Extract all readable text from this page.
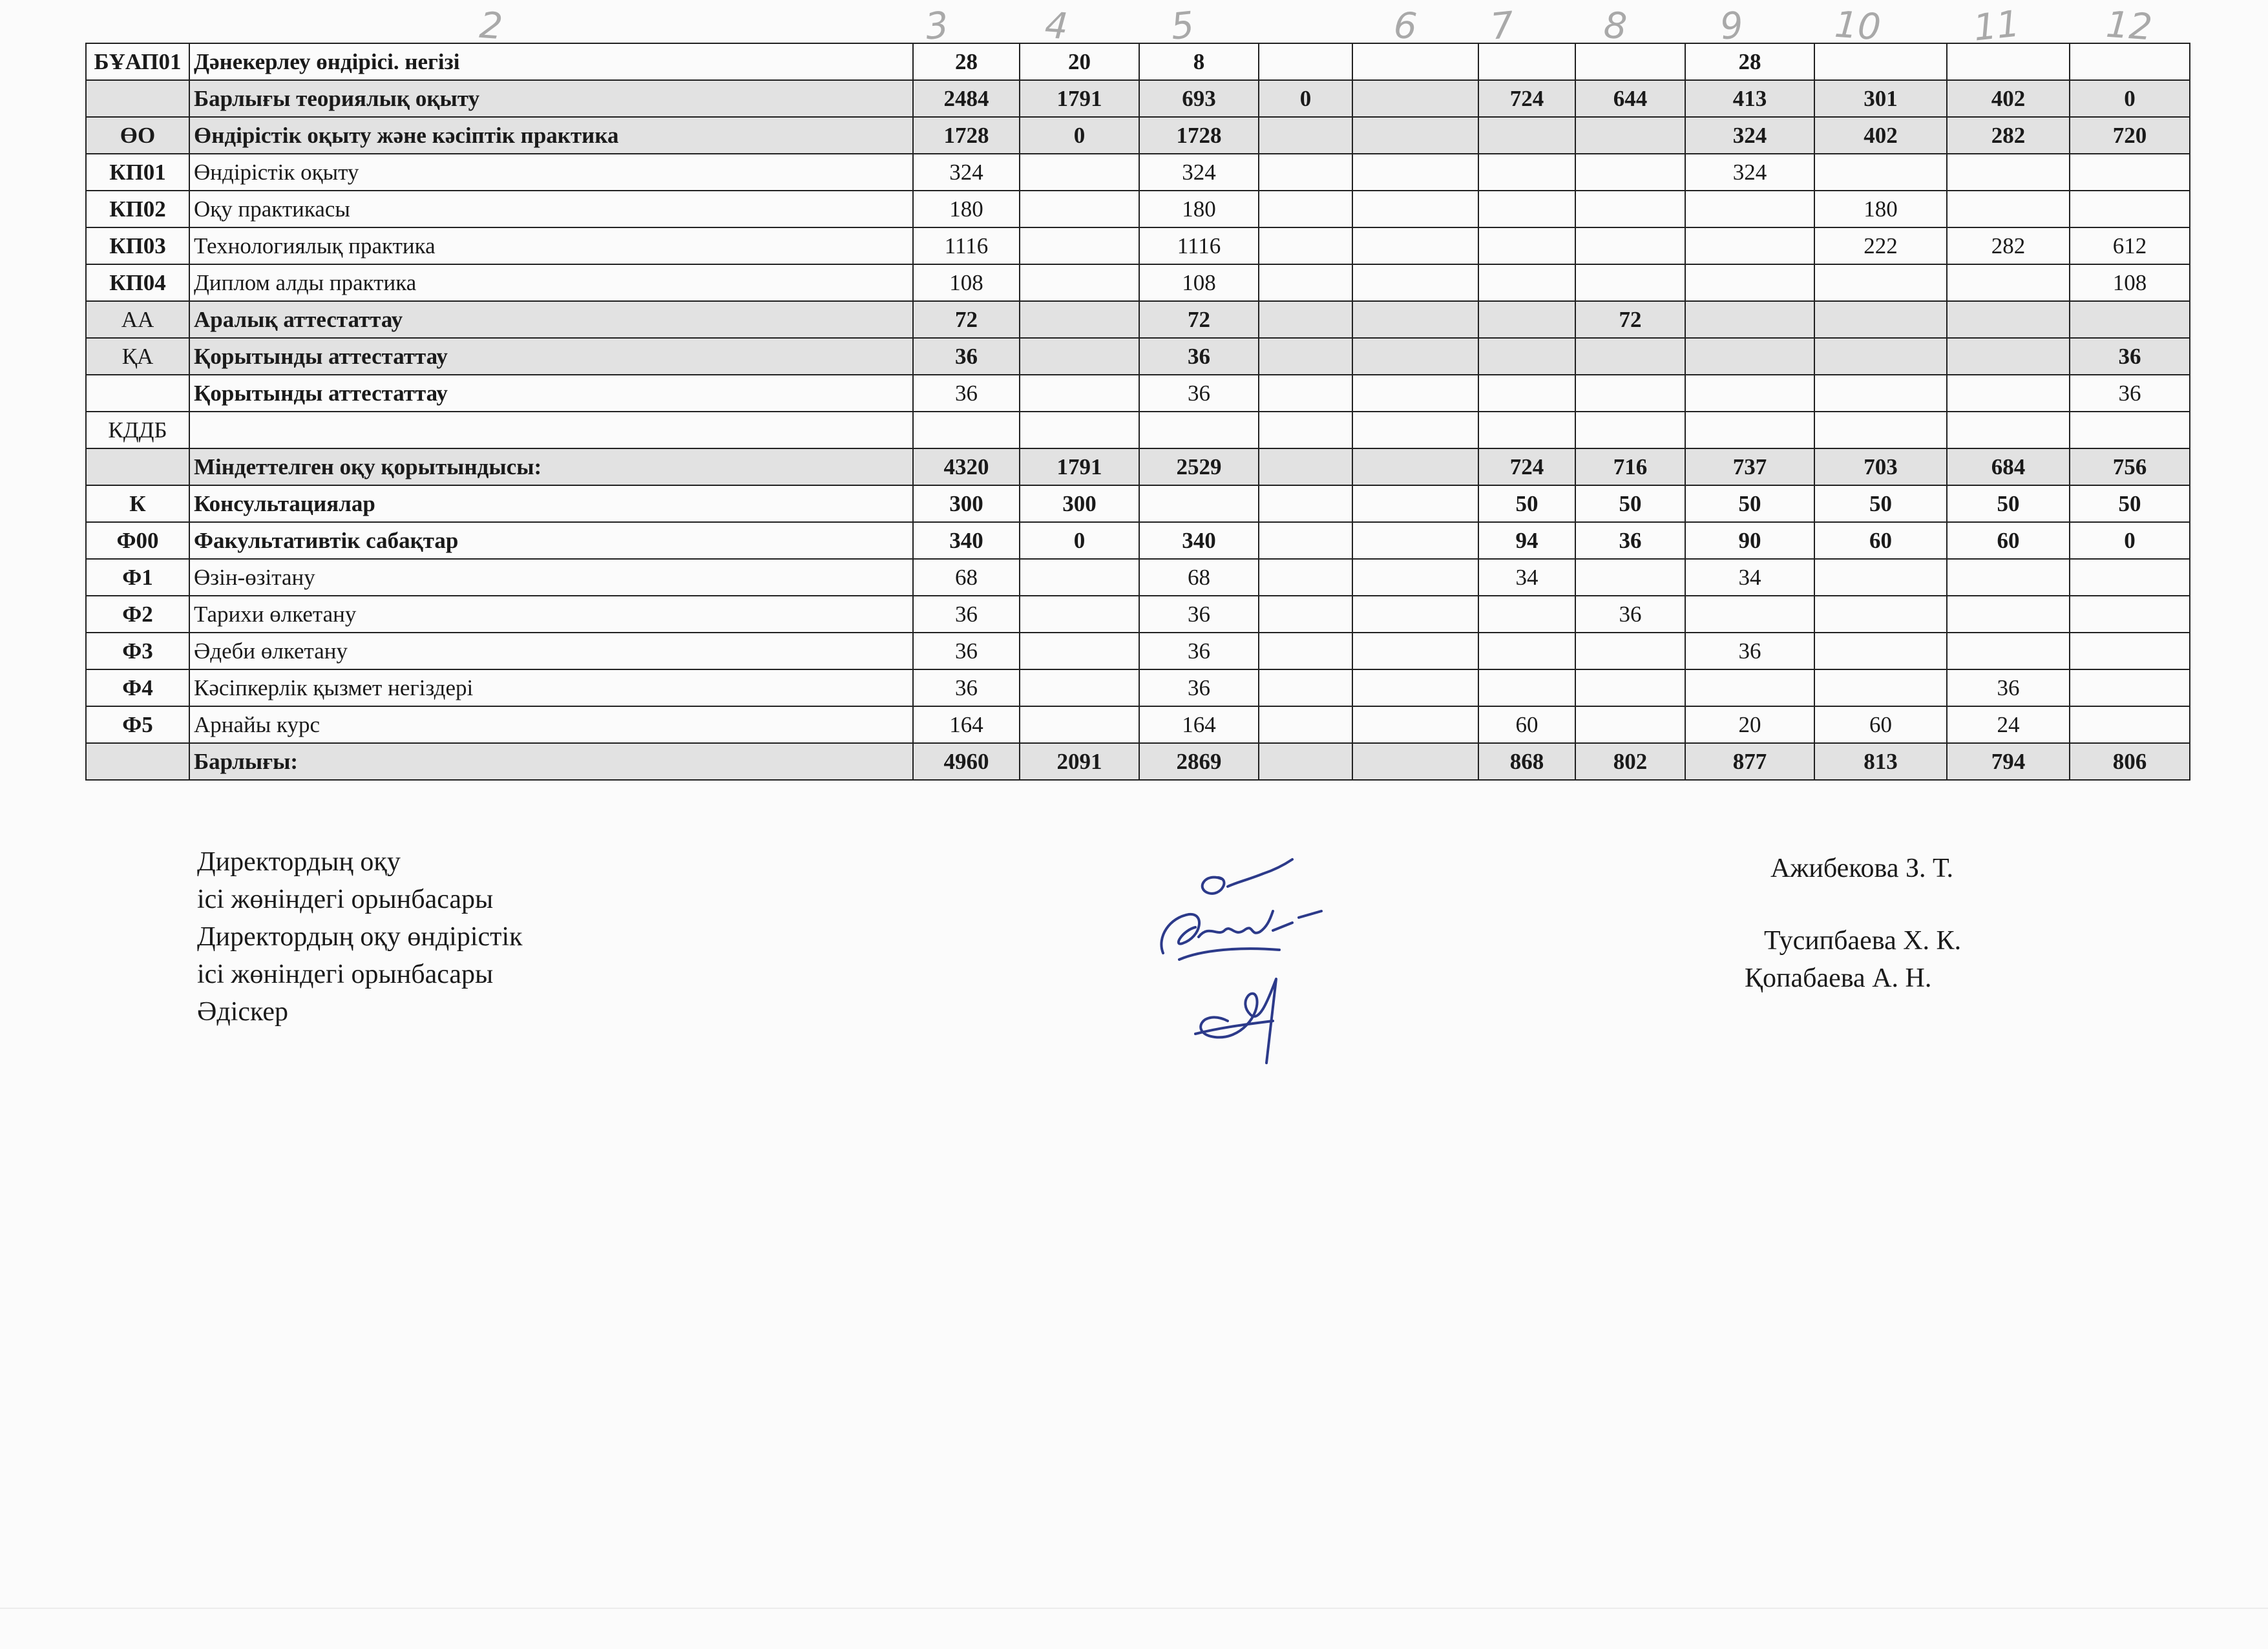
2	3	4	5	6 7 8 9 10 11 12
БҰАП01	Дәнекерлеу өндірісі. негізі	28	20	8					28			
	Барлығы теориялық оқыту	2484	1791	693	0		724	644	413	301	402	0
ӨО	Өндірістік оқыту және кәсіптік практика	1728	0	1728					324	402	282	720
КП01	Өндірістік оқыту	324		324					324			
КП02	Оқу практикасы	180		180						180		
КП03	Технологиялық практика	1116		1116						222	282	612
КП04	Диплом алды практика	108		108								108
АА	Аралық аттестаттау	72		72				72				
ҚА	Қорытынды аттестаттау	36		36								36
	Қорытынды аттестаттау	36		36								36
КДДБ												
	Міндеттелген оқу қорытындысы:	4320	1791	2529			724	716	737	703	684	756
К	Консультациялар	300	300				50	50	50	50	50	50
Ф00	Факультативтік сабақтар	340	0	340			94	36	90	60	60	0
Ф1	Өзін-өзітану	68		68			34		34			
Ф2	Тарихи өлкетану	36		36				36				
Ф3	Әдеби өлкетану	36		36					36			
Ф4	Кәсіпкерлік қызмет негіздері	36		36							36	
Ф5	Арнайы курс	164		164			60		20	60	24	
	Барлығы:	4960	2091	2869			868	802	877	813	794	806
Директордың оқу
ісі жөніндегі орынбасары
Директордың оқу өндірістік
ісі жөніндегі орынбасары
Әдіскер
Ажибекова З. Т.
Тусипбаева Х. К.
Қопабаева А. Н.
